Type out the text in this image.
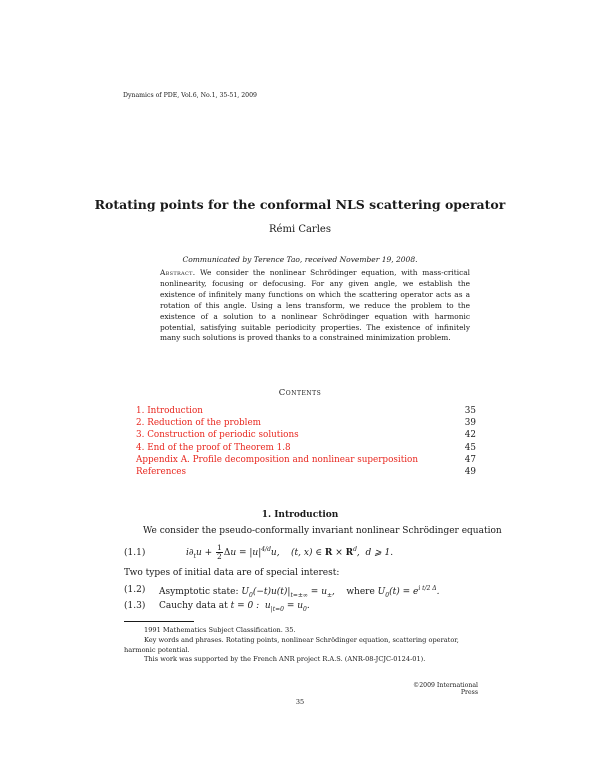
Dynamics of PDE, Vol.6, No.1, 35-51, 2009
Rotating points for the conformal NLS scattering operator
Rémi Carles
Communicated by Terence Tao, received November 19, 2008.
Abstract. We consider the nonlinear Schrödinger equation, with mass-critical nonlinearity, focusing or defocusing. For any given angle, we establish the existence of infinitely many functions on which the scattering operator acts as a rotation of this angle. Using a lens transform, we reduce the problem to the existence of a solution to a nonlinear Schrödinger equation with harmonic potential, satisfying suitable periodicity properties. The existence of infinitely many such solutions is proved thanks to a constrained minimization problem.
Contents
1. Introduction	35
2. Reduction of the problem	39
3. Construction of periodic solutions	42
4. End of the proof of Theorem 1.8	45
Appendix A. Profile decomposition and nonlinear superposition	47
References	49
1. Introduction
We consider the pseudo-conformally invariant nonlinear Schrödinger equation
(1.1)	$i\partial_tu + \frac{1}{2}$ $\Delta u = |u|^{4/d}u$,    (t, x) ∈ $R \times R^d$,  d ⩾ 1.
Two types of initial data are of special interest:
(1.2) Asymptotic state: $U_0(-t)u(t)|_{t=\pm\infty} = u_\pm$,    where $U_0(t) = e^{i t/2 \Delta}$.
(1.3) Cauchy data at t = 0 :  $u_{|t=0} = u_0$.

1991 Mathematics Subject Classification. 35.

Key words and phrases. Rotating points, nonlinear Schrödinger equation, scattering operator, harmonic potential.

This work was supported by the French ANR project R.A.S. (ANR-08-JCJC-0124-01).

©2009 International Press
35
